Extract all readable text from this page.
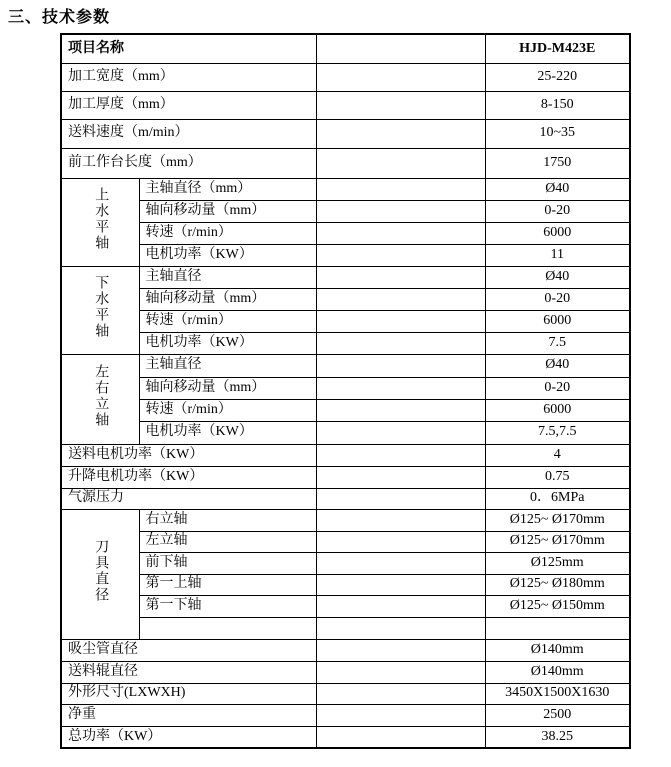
三、技术参数
项目名称			HJD-M423E
加工宽度（mm）			25-220
加工厚度（mm）			8-150
送料速度（m/min）			10~35
前工作台长度（mm）			1750
上水平轴	主轴直径（mm）		Ø40
	轴向移动量（mm）		0-20
	转速（r/min）		6000
	电机功率（KW）		11
下水平轴	主轴直径		Ø40
	轴向移动量（mm）		0-20
	转速（r/min）		6000
	电机功率（KW）		7.5
左右立轴	主轴直径		Ø40
	轴向移动量（mm）		0-20
	转速（r/min）		6000
	电机功率（KW）		7.5,7.5
送料电机功率（KW）			4
升降电机功率（KW）			0.75
气源压力			0．6MPa
刀具直径	右立轴		Ø125~ Ø170mm
	左立轴		Ø125~ Ø170mm
	前下轴		Ø125mm
	第一上轴		Ø125~ Ø180mm
	第一下轴		Ø125~ Ø150mm

吸尘管直径			Ø140mm
送料辊直径			Ø140mm
外形尺寸(LXWXH)			3450X1500X1630
净重			2500
总功率（KW）			38.25
